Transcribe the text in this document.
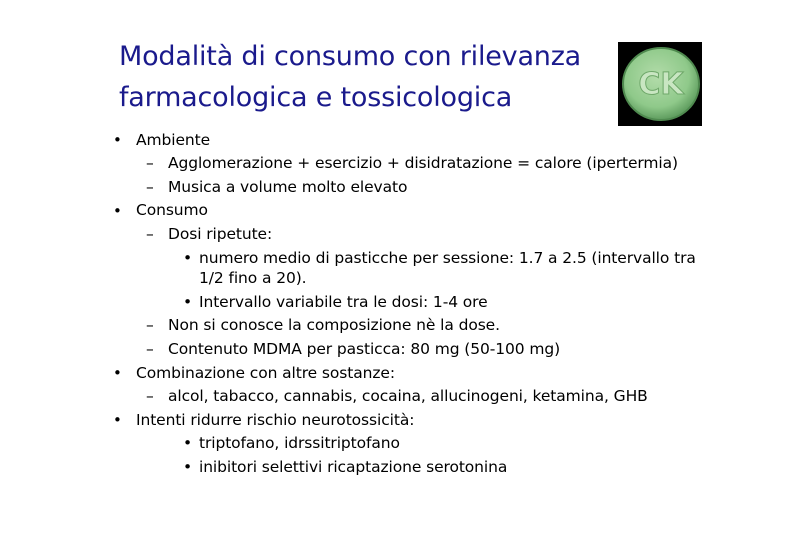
Modalità di consumo con rilevanza
farmacologica e tossicologica	CK
• Ambiente
– Agglomerazione + esercizio + disidratazione = calore (ipertermia)
– Musica a volume molto elevato
• Consumo
– Dosi ripetute:
• numero medio di pasticche per sessione: 1.7 a 2.5 (intervallo tra
1/2 fino a 20).
• Intervallo variabile tra le dosi: 1-4 ore
– Non si conosce la composizione nè la dose.
– Contenuto MDMA per pasticca: 80 mg (50-100 mg)
• Combinazione con altre sostanze:
– alcol, tabacco, cannabis, cocaina, allucinogeni, ketamina, GHB
• Intenti ridurre rischio neurotossicità:
• triptofano, idrssitriptofano
• inibitori selettivi ricaptazione serotonina
